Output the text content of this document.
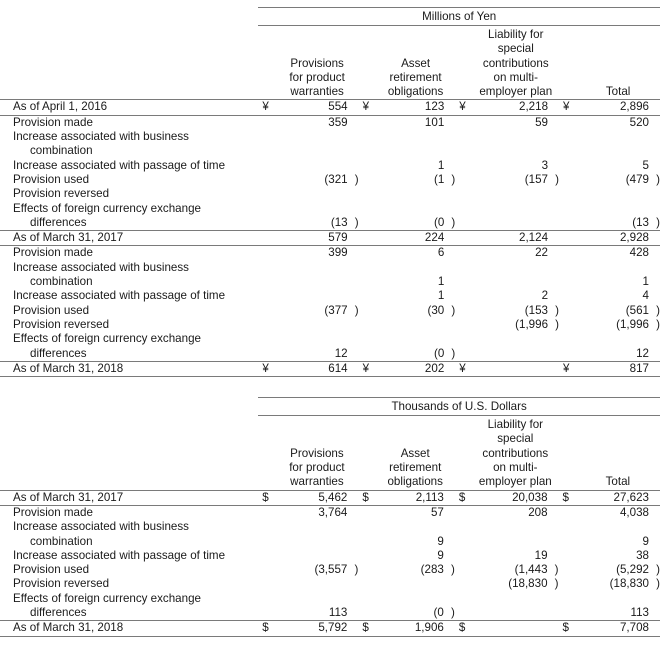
	Millions of Yen							

						Liability for		
						special		
		Provisions		Asset		contributions		
		for product		retirement		on multi-		
		warranties		obligations		employer plan		Total
As of April 1, 2016	¥	554	¥	123	¥	2,218	¥	2,896
Provision made		359		101		59		520
Increase associated with business								
combination								
Increase associated with passage of time				1		3		5
Provision used		(321 )		(1 )		(157 )		(479 )
Provision reversed								
Effects of foreign currency exchange								
differences		(13 )		(0 )				(13 )
As of March 31, 2017		579		224		2,124		2,928
Provision made		399		6		22		428
Increase associated with business								
combination				1				1
Increase associated with passage of time				1		2		4
Provision used		(377 )		(30 )		(153 )		(561 )
Provision reversed						(1,996 )		(1,996 )
Effects of foreign currency exchange								
differences		12		(0 )				12
As of March 31, 2018	¥	614	¥	202	¥		¥	817
	Thousands of U.S. Dollars							

						Liability for		
						special		
		Provisions		Asset		contributions		
		for product		retirement		on multi-		
		warranties		obligations		employer plan		Total
As of March 31, 2017	$	5,462	$	2,113	$	20,038	$	27,623
Provision made		3,764		57		208		4,038
Increase associated with business								
combination				9				9
Increase associated with passage of time				9		19		38
Provision used		(3,557 )		(283 )		(1,443 )		(5,292 )
Provision reversed						(18,830 )		(18,830 )
Effects of foreign currency exchange								
differences		113		(0 )				113
As of March 31, 2018	$	5,792	$	1,906	$		$	7,708
